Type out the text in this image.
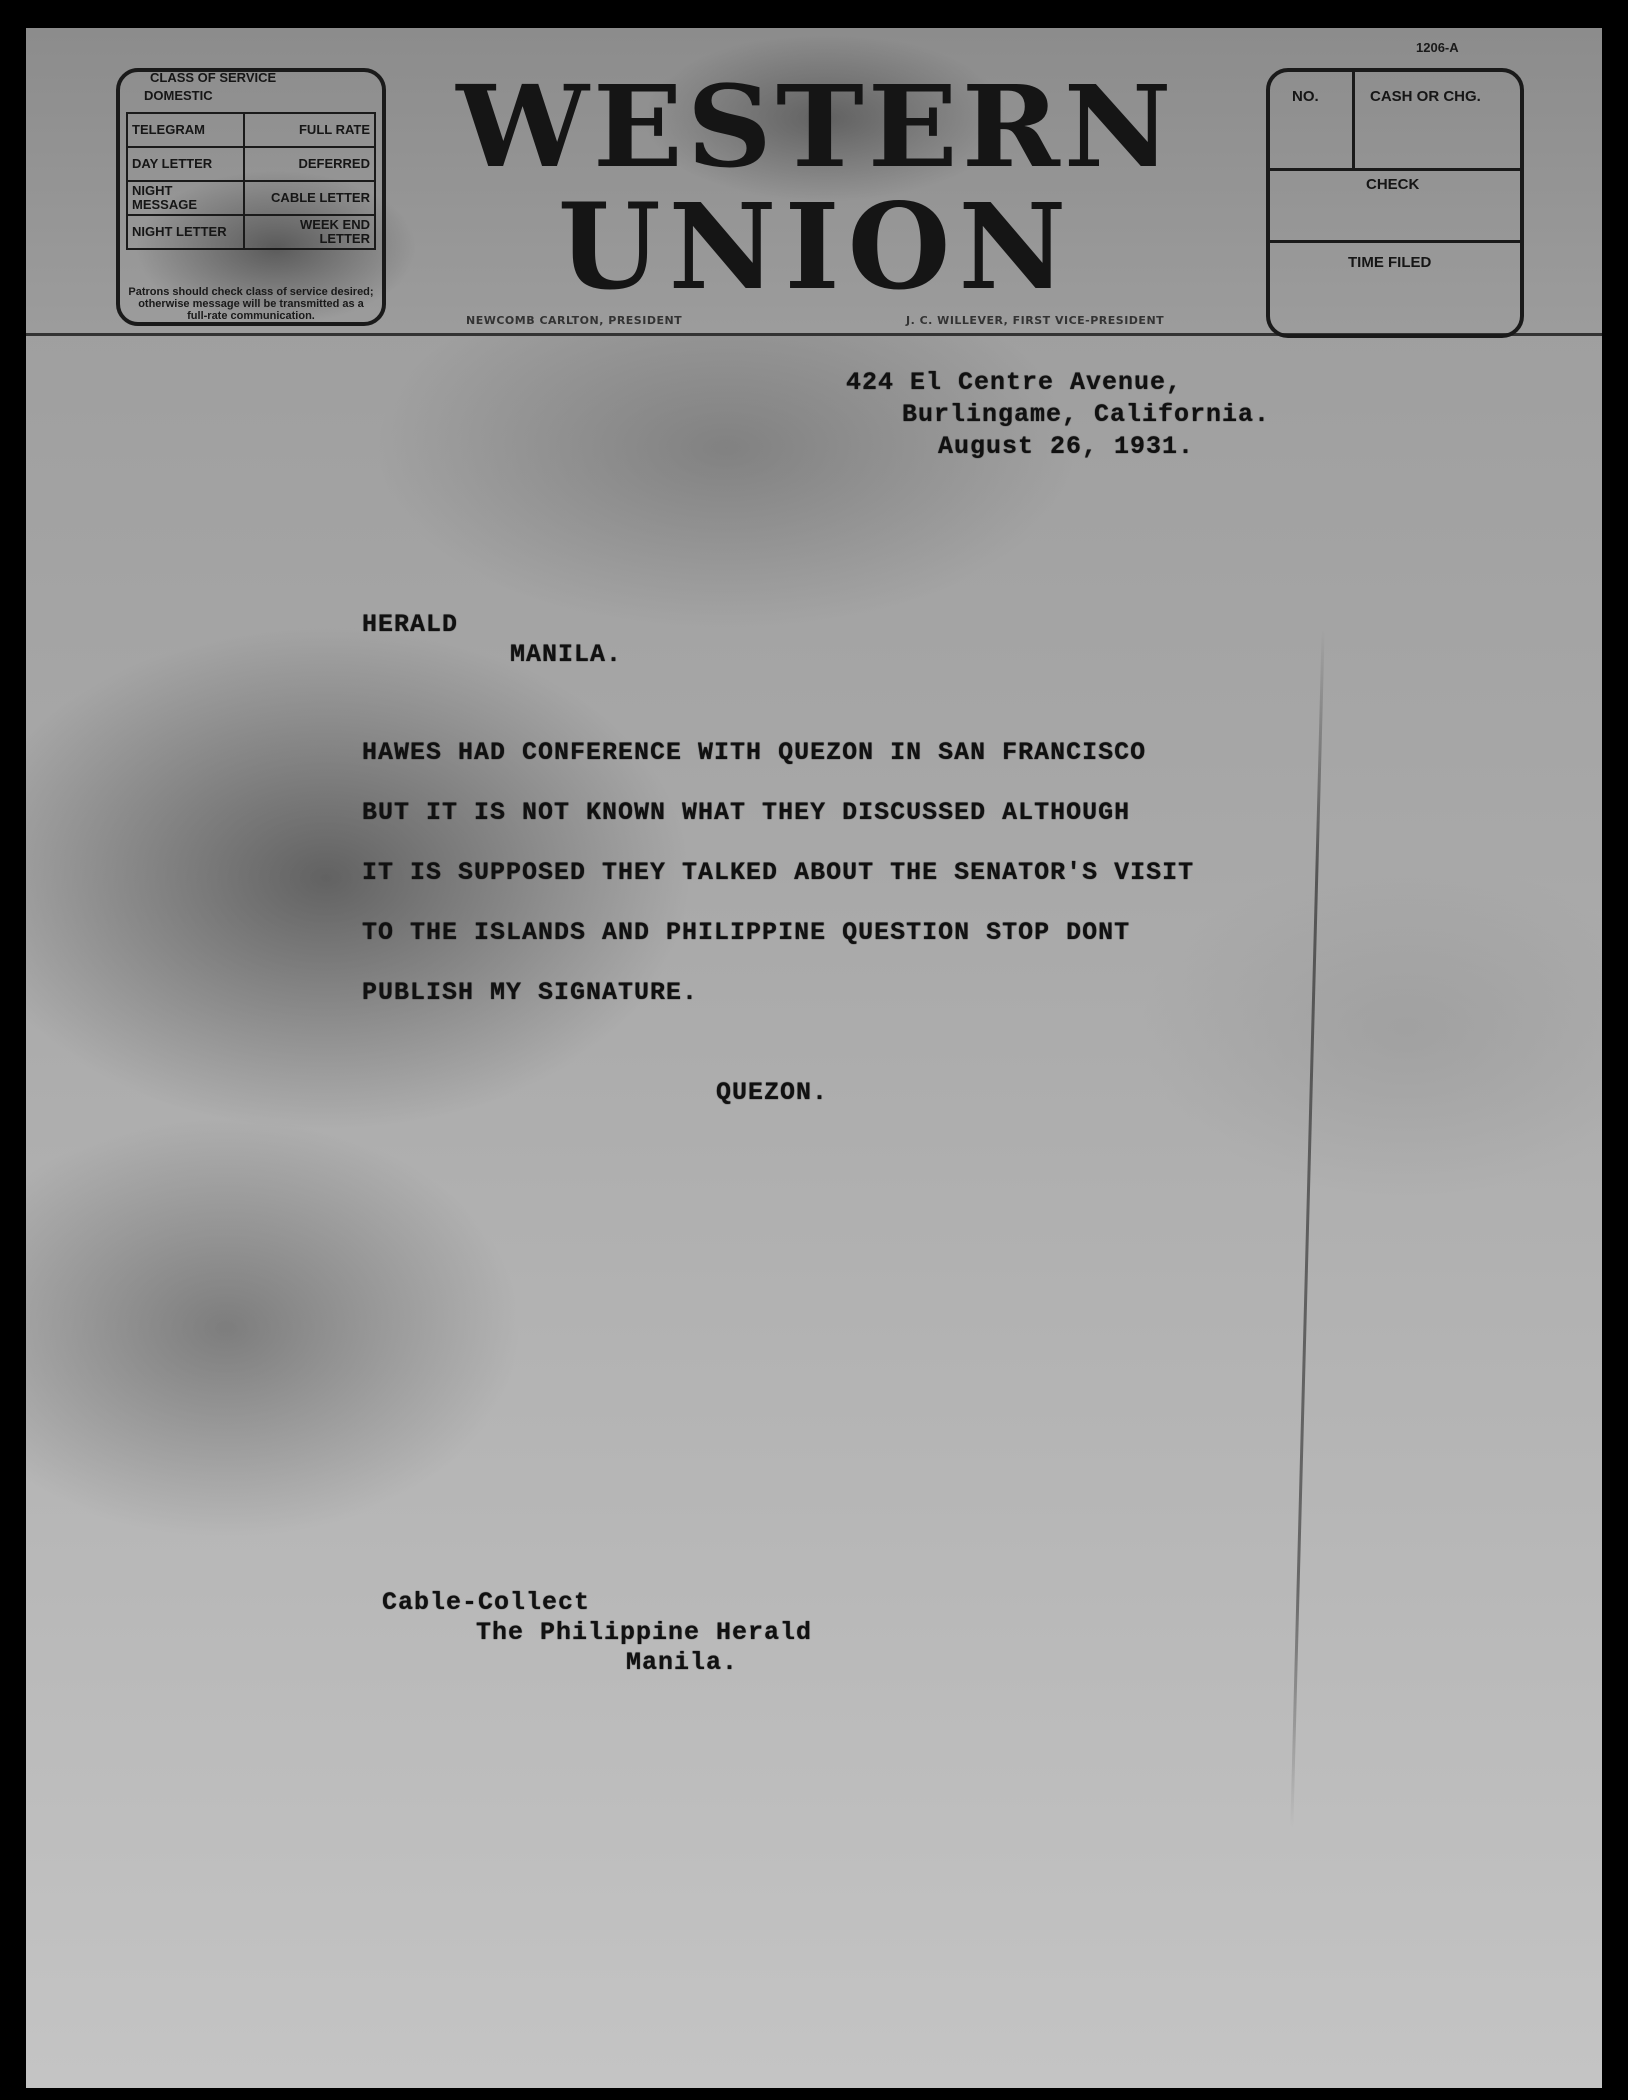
CLASS OF SERVICE
DOMESTIC
TELEGRAM	FULL RATE
DAY LETTER	DEFERRED
NIGHT MESSAGE	CABLE LETTER
NIGHT LETTER	WEEK END LETTER
Patrons should check class of service desired; otherwise message will be transmitted as a full-rate communication.
WESTERN
UNION
NEWCOMB CARLTON, PRESIDENT	J. C. WILLEVER, FIRST VICE-PRESIDENT
1206-A
NO.	CASH OR CHG.
CHECK
TIME FILED
424 El Centre Avenue,
Burlingame, California.
August 26, 1931.
HERALD
MANILA.
HAWES HAD CONFERENCE WITH QUEZON IN SAN FRANCISCO
BUT IT IS NOT KNOWN WHAT THEY DISCUSSED ALTHOUGH
IT IS SUPPOSED THEY TALKED ABOUT THE SENATOR'S VISIT
TO THE ISLANDS AND PHILIPPINE QUESTION STOP DONT
PUBLISH MY SIGNATURE.
QUEZON.
Cable-Collect
The Philippine Herald
Manila.
